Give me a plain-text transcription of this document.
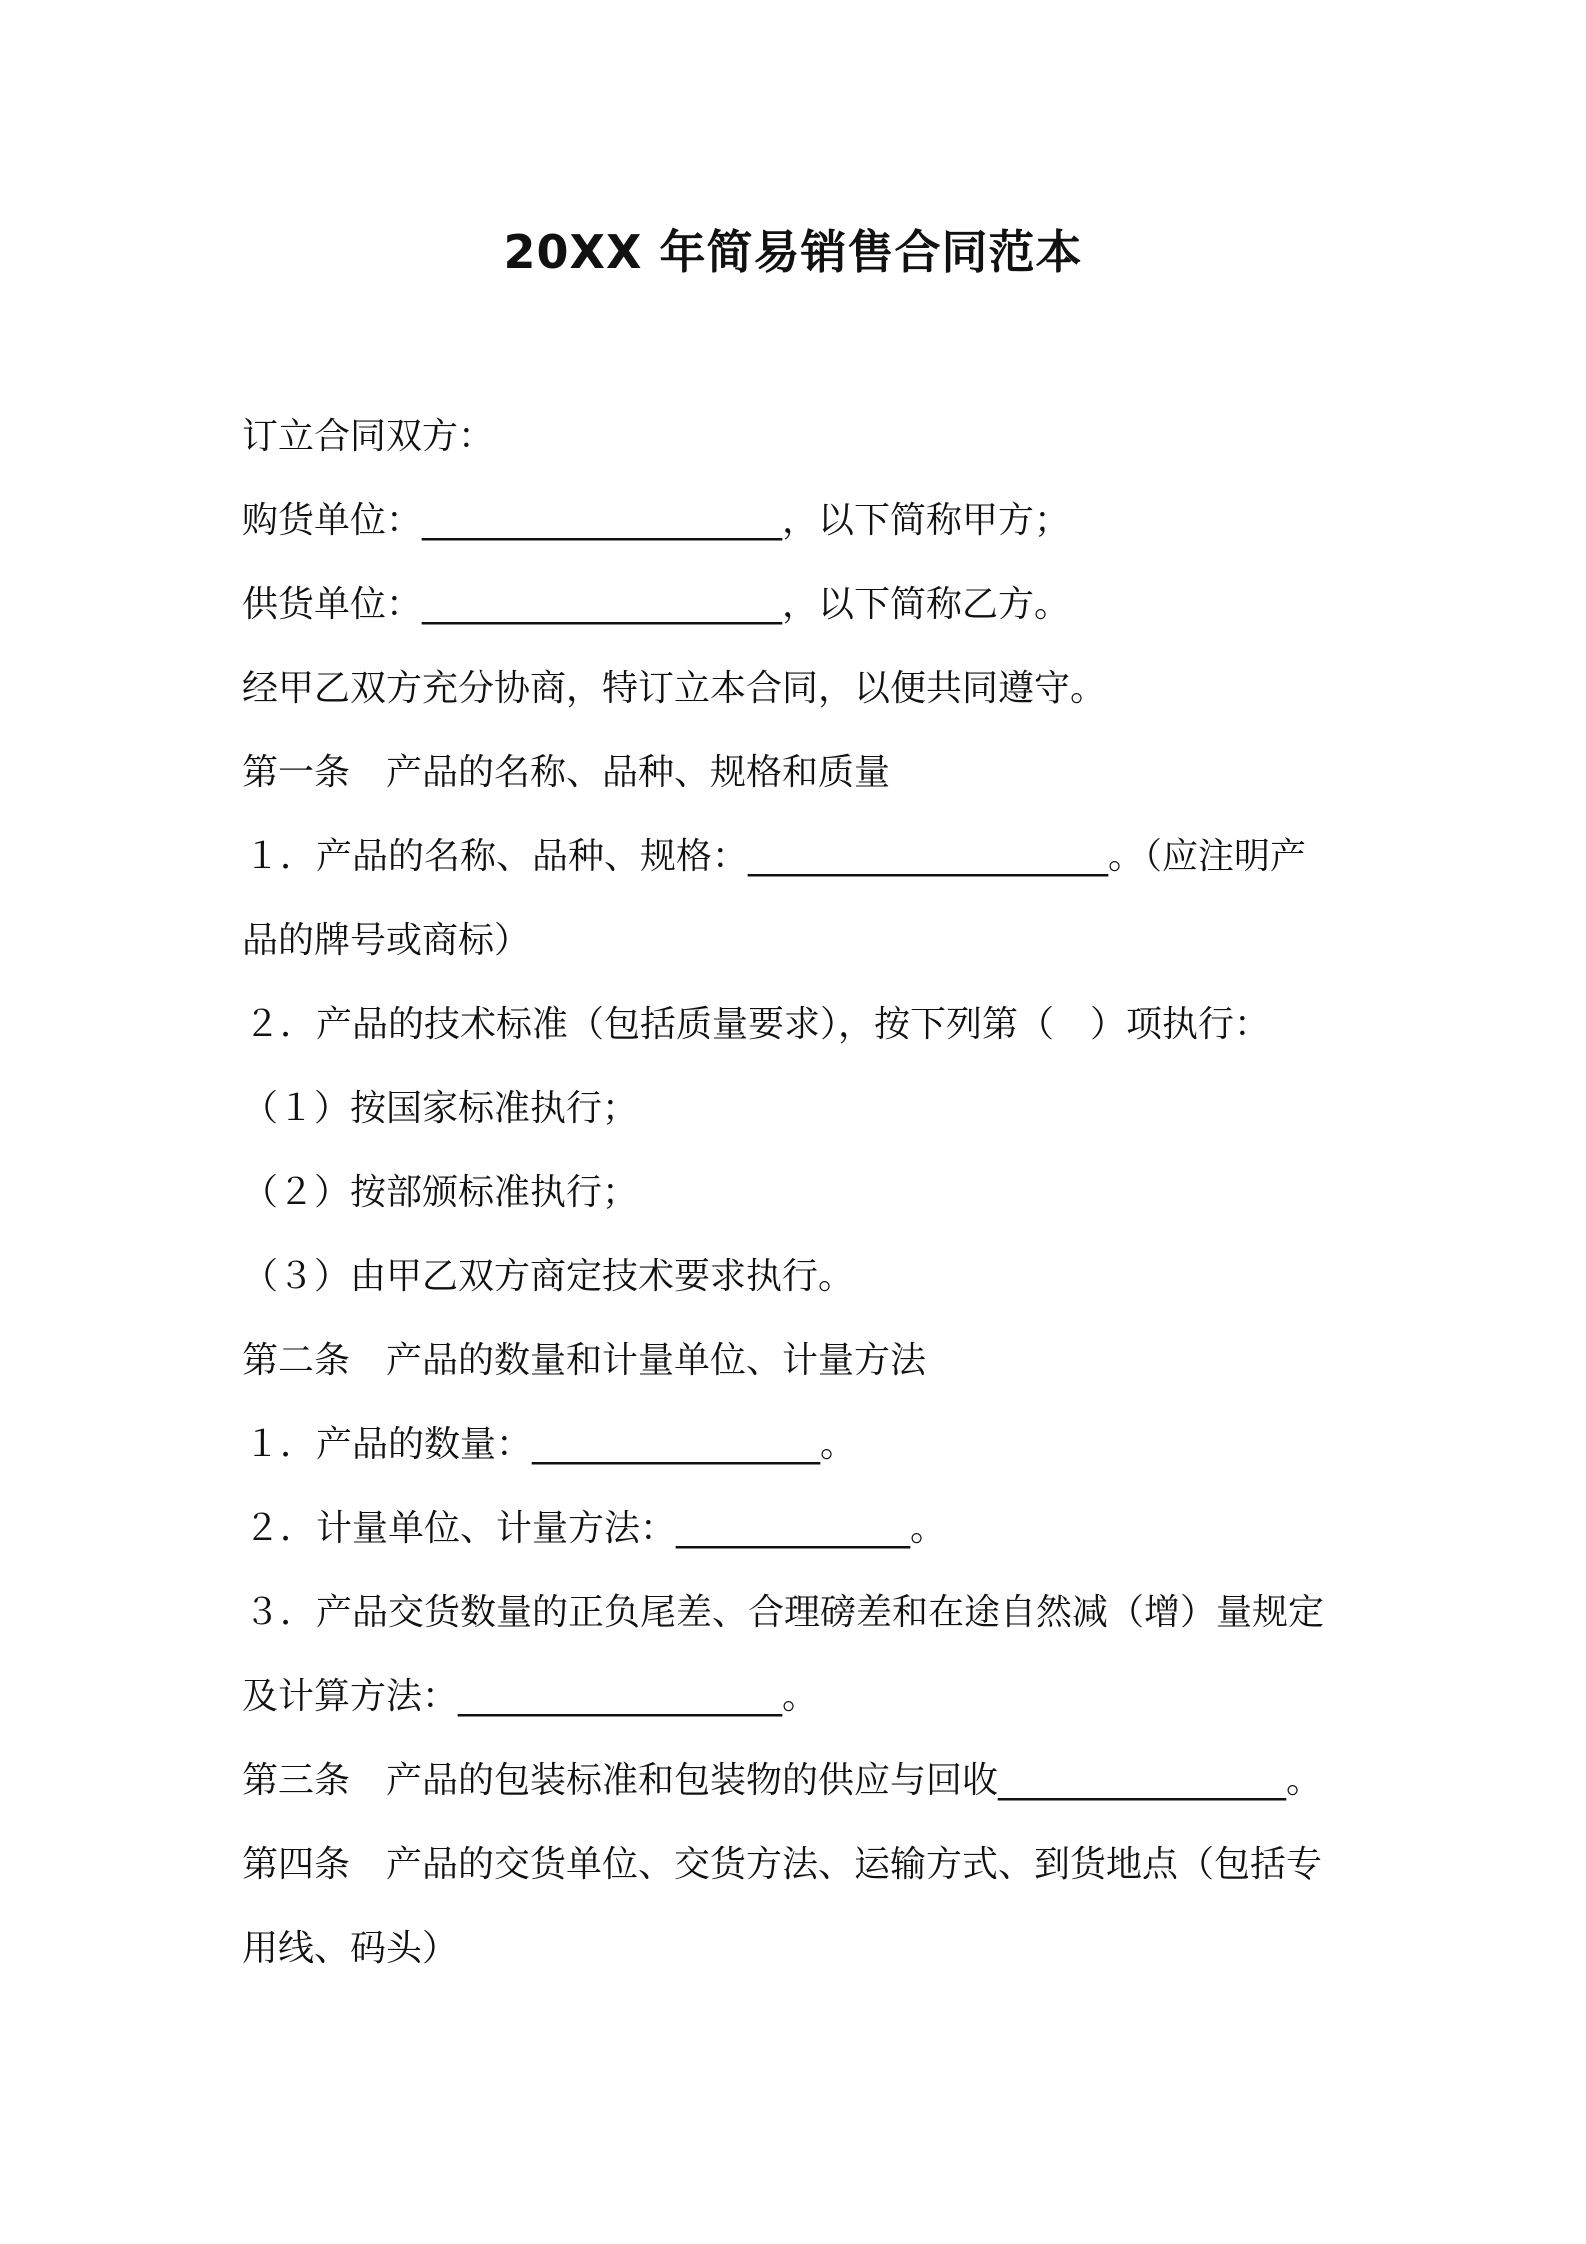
20XX 年简易销售合同范本
订立合同双方：
购货单位：____________________，以下简称甲方；
供货单位：____________________，以下简称乙方。
经甲乙双方充分协商，特订立本合同，以便共同遵守。
第一条　产品的名称、品种、规格和质量
１．产品的名称、品种、规格：____________________。（应注明产
品的牌号或商标）
２．产品的技术标准（包括质量要求），按下列第（　）项执行：
（１）按国家标准执行；
（２）按部颁标准执行；
（３）由甲乙双方商定技术要求执行。
第二条　产品的数量和计量单位、计量方法
１．产品的数量：________________。
２．计量单位、计量方法：_____________。
３．产品交货数量的正负尾差、合理磅差和在途自然减（增）量规定
及计算方法：__________________。
第三条　产品的包装标准和包装物的供应与回收________________。
第四条　产品的交货单位、交货方法、运输方式、到货地点（包括专
用线、码头）
